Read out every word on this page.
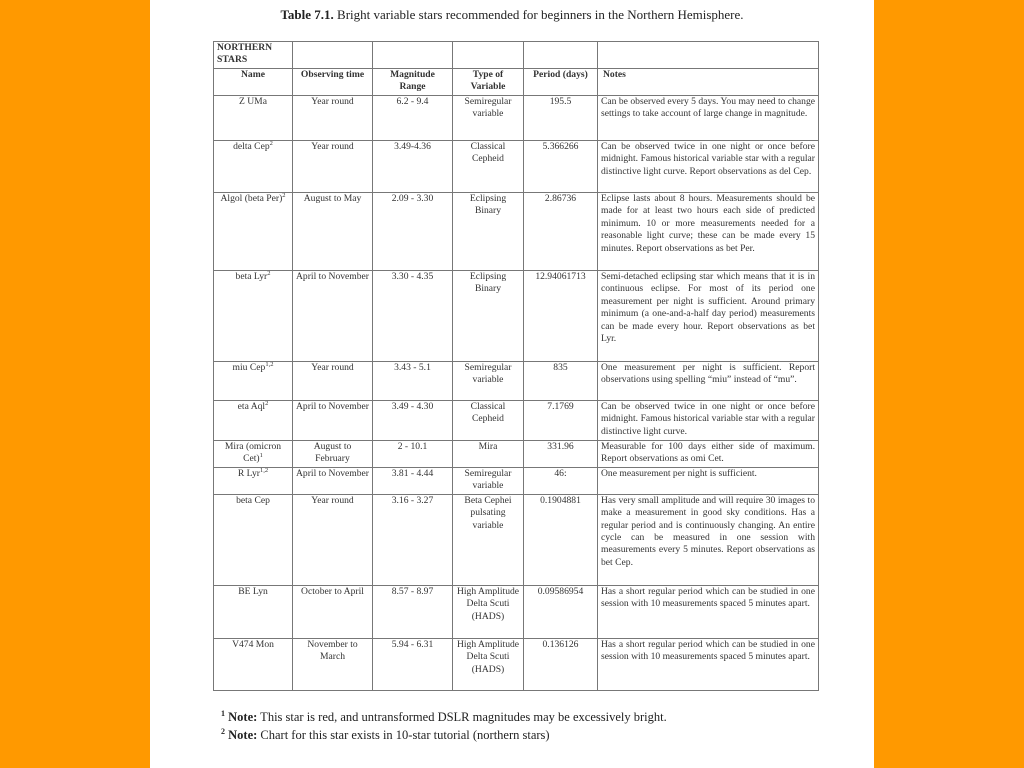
Table 7.1. Bright variable stars recommended for beginners in the Northern Hemisphere.
NORTHERN STARS					
Name	Observing time	Magnitude Range	Type of Variable	Period (days)	Notes
Z UMa	Year round	6.2 - 9.4	Semiregular variable	195.5	Can be observed every 5 days. You may need to change settings to take account of large change in magnitude.
delta Cep$^2$	Year round	3.49-4.36	Classical Cepheid	5.366266	Can be observed twice in one night or once before midnight. Famous historical variable star with a regular distinctive light curve. Report observations as del Cep.
Algol (beta Per)$^2$	August to May	2.09 - 3.30	Eclipsing Binary	2.86736	Eclipse lasts about 8 hours. Measurements should be made for at least two hours each side of predicted minimum. 10 or more measurements needed for a reasonable light curve; these can be made every 15 minutes. Report observations as bet Per.
beta Lyr$^2$	April to November	3.30 - 4.35	Eclipsing Binary	12.94061713	Semi-detached eclipsing star which means that it is in continuous eclipse. For most of its period one measurement per night is sufficient. Around primary minimum (a one-and-a-half day period) measurements can be made every hour. Report observations as bet Lyr.
miu Cep$^{1,2}$	Year round	3.43 - 5.1	Semiregular variable	835	One measurement per night is sufficient. Report observations using spelling “miu” instead of “mu”.
eta Aql$^2$	April to November	3.49 - 4.30	Classical Cepheid	7.1769	Can be observed twice in one night or once before midnight. Famous historical variable star with a regular distinctive light curve.
Mira (omicron Cet)$^1$	August to February	2 - 10.1	Mira	331.96	Measurable for 100 days either side of maximum. Report observations as omi Cet.
R Lyr$^{1,2}$	April to November	3.81 - 4.44	Semiregular variable	46:	One measurement per night is sufficient.
beta Cep	Year round	3.16 - 3.27	Beta Cephei pulsating variable	0.1904881	Has very small amplitude and will require 30 images to make a measurement in good sky conditions. Has a regular period and is continuously changing. An entire cycle can be measured in one session with measurements every 5 minutes. Report observations as bet Cep.
BE Lyn	October to April	8.57 - 8.97	High Amplitude Delta Scuti (HADS)	0.09586954	Has a short regular period which can be studied in one session with 10 measurements spaced 5 minutes apart.
V474 Mon	November to March	5.94 - 6.31	High Amplitude Delta Scuti (HADS)	0.136126	Has a short regular period which can be studied in one session with 10 measurements spaced 5 minutes apart.
$^1$ Note: This star is red, and untransformed DSLR magnitudes may be excessively bright.
$^2$ Note: Chart for this star exists in 10-star tutorial (northern stars)
